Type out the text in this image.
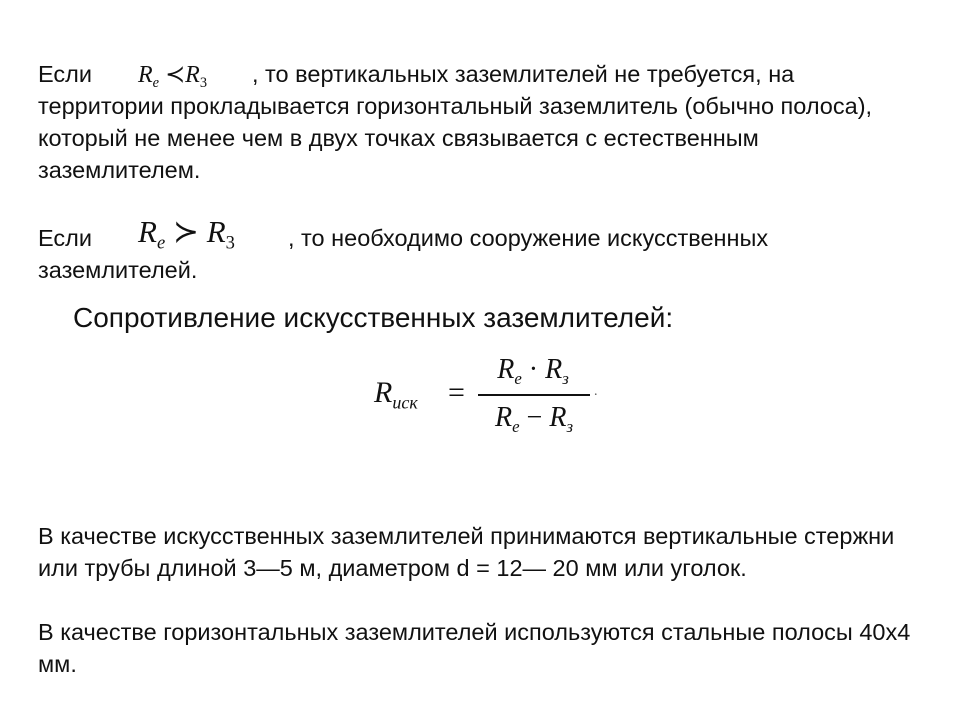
Если $R_e$ $≺R_3$ , то вертикальных заземлителей не требуется, на
территории прокладывается горизонтальный заземлитель (обычно полоса), который не менее чем в двух точках связывается с естественным заземлителем.
Если $R_e$ ≻ $R_3$ , то необходимо сооружение искусственных
заземлителей.
Сопротивление искусственных заземлителей:
$R_{иск}$ =
$R_e \cdot R_з$
$R_e - R_з$
.
В качестве искусственных заземлителей принимаются вертикальные стержни или трубы длиной 3—5 м, диаметром d = 12— 20 мм или уголок.
В качестве горизонтальных заземлителей используются стальные полосы 40x4 мм.
